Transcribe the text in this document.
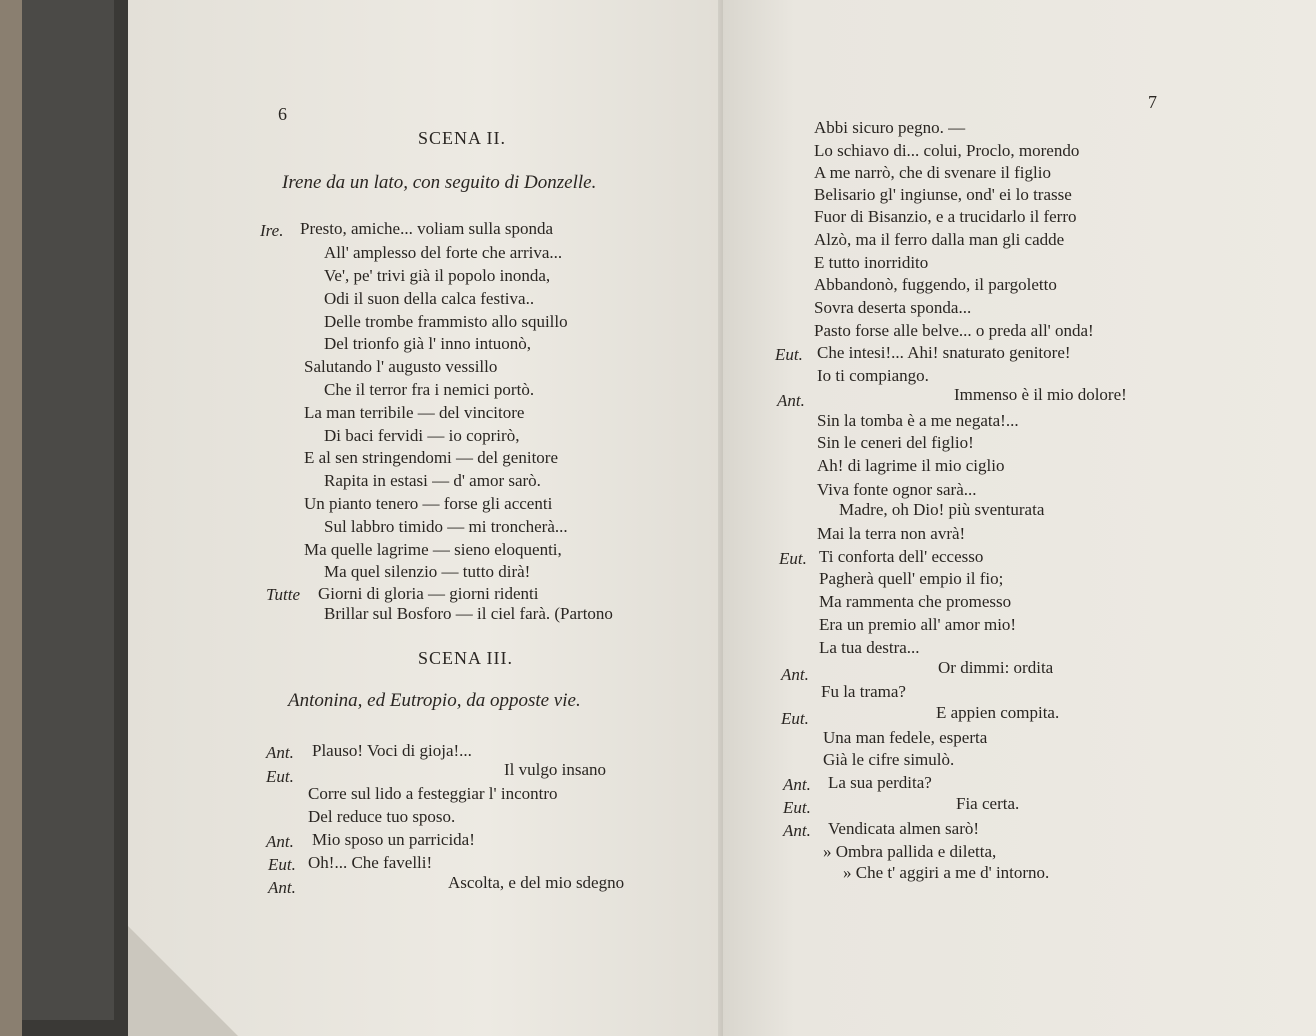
6
SCENA II.
Irene da un lato, con seguito di Donzelle.
Ire. Presto, amiche... voliam sulla sponda
All' amplesso del forte che arriva...
Ve', pe' trivi già il popolo inonda,
Odi il suon della calca festiva..
Delle trombe frammisto allo squillo
Del trionfo già l' inno intuonò,
Salutando l' augusto vessillo
Che il terror fra i nemici portò.
La man terribile — del vincitore
Di baci fervidi — io coprirò,
E al sen stringendomi — del genitore
Rapita in estasi — d' amor sarò.
Un pianto tenero — forse gli accenti
Sul labbro timido — mi troncherà...
Ma quelle lagrime — sieno eloquenti,
Ma quel silenzio — tutto dirà!
Tutte Giorni di gloria — giorni ridenti
Brillar sul Bosforo — il ciel farà. (Partono
SCENA III.
Antonina, ed Eutropio, da opposte vie.
Ant. Plauso! Voci di gioja!...
Eut.	Il vulgo insano
Corre sul lido a festeggiar l' incontro
Del reduce tuo sposo.
Ant. Mio sposo un parricida!
Eut. Oh!... Che favelli!
Ant.	Ascolta, e del mio sdegno
7
Abbi sicuro pegno. —
Lo schiavo di... colui, Proclo, morendo
A me narrò, che di svenare il figlio
Belisario gl' ingiunse, ond' ei lo trasse
Fuor di Bisanzio, e a trucidarlo il ferro
Alzò, ma il ferro dalla man gli cadde
E tutto inorridito
Abbandonò, fuggendo, il pargoletto
Sovra deserta sponda...
Pasto forse alle belve... o preda all' onda!
Eut. Che intesi!... Ahi! snaturato genitore!
Io ti compiango.
Ant.	Immenso è il mio dolore!
Sin la tomba è a me negata!...
Sin le ceneri del figlio!
Ah! di lagrime il mio ciglio
Viva fonte ognor sarà...
Madre, oh Dio! più sventurata
Mai la terra non avrà!
Eut. Ti conforta dell' eccesso
Pagherà quell' empio il fio;
Ma rammenta che promesso
Era un premio all' amor mio!
La tua destra...
Ant.	Or dimmi: ordita
Fu la trama?
Eut.	E appien compita.
Una man fedele, esperta
Già le cifre simulò.
Ant. La sua perdita?
Eut.	Fia certa.
Ant. Vendicata almen sarò!
» Ombra pallida e diletta,
» Che t' aggiri a me d' intorno.
